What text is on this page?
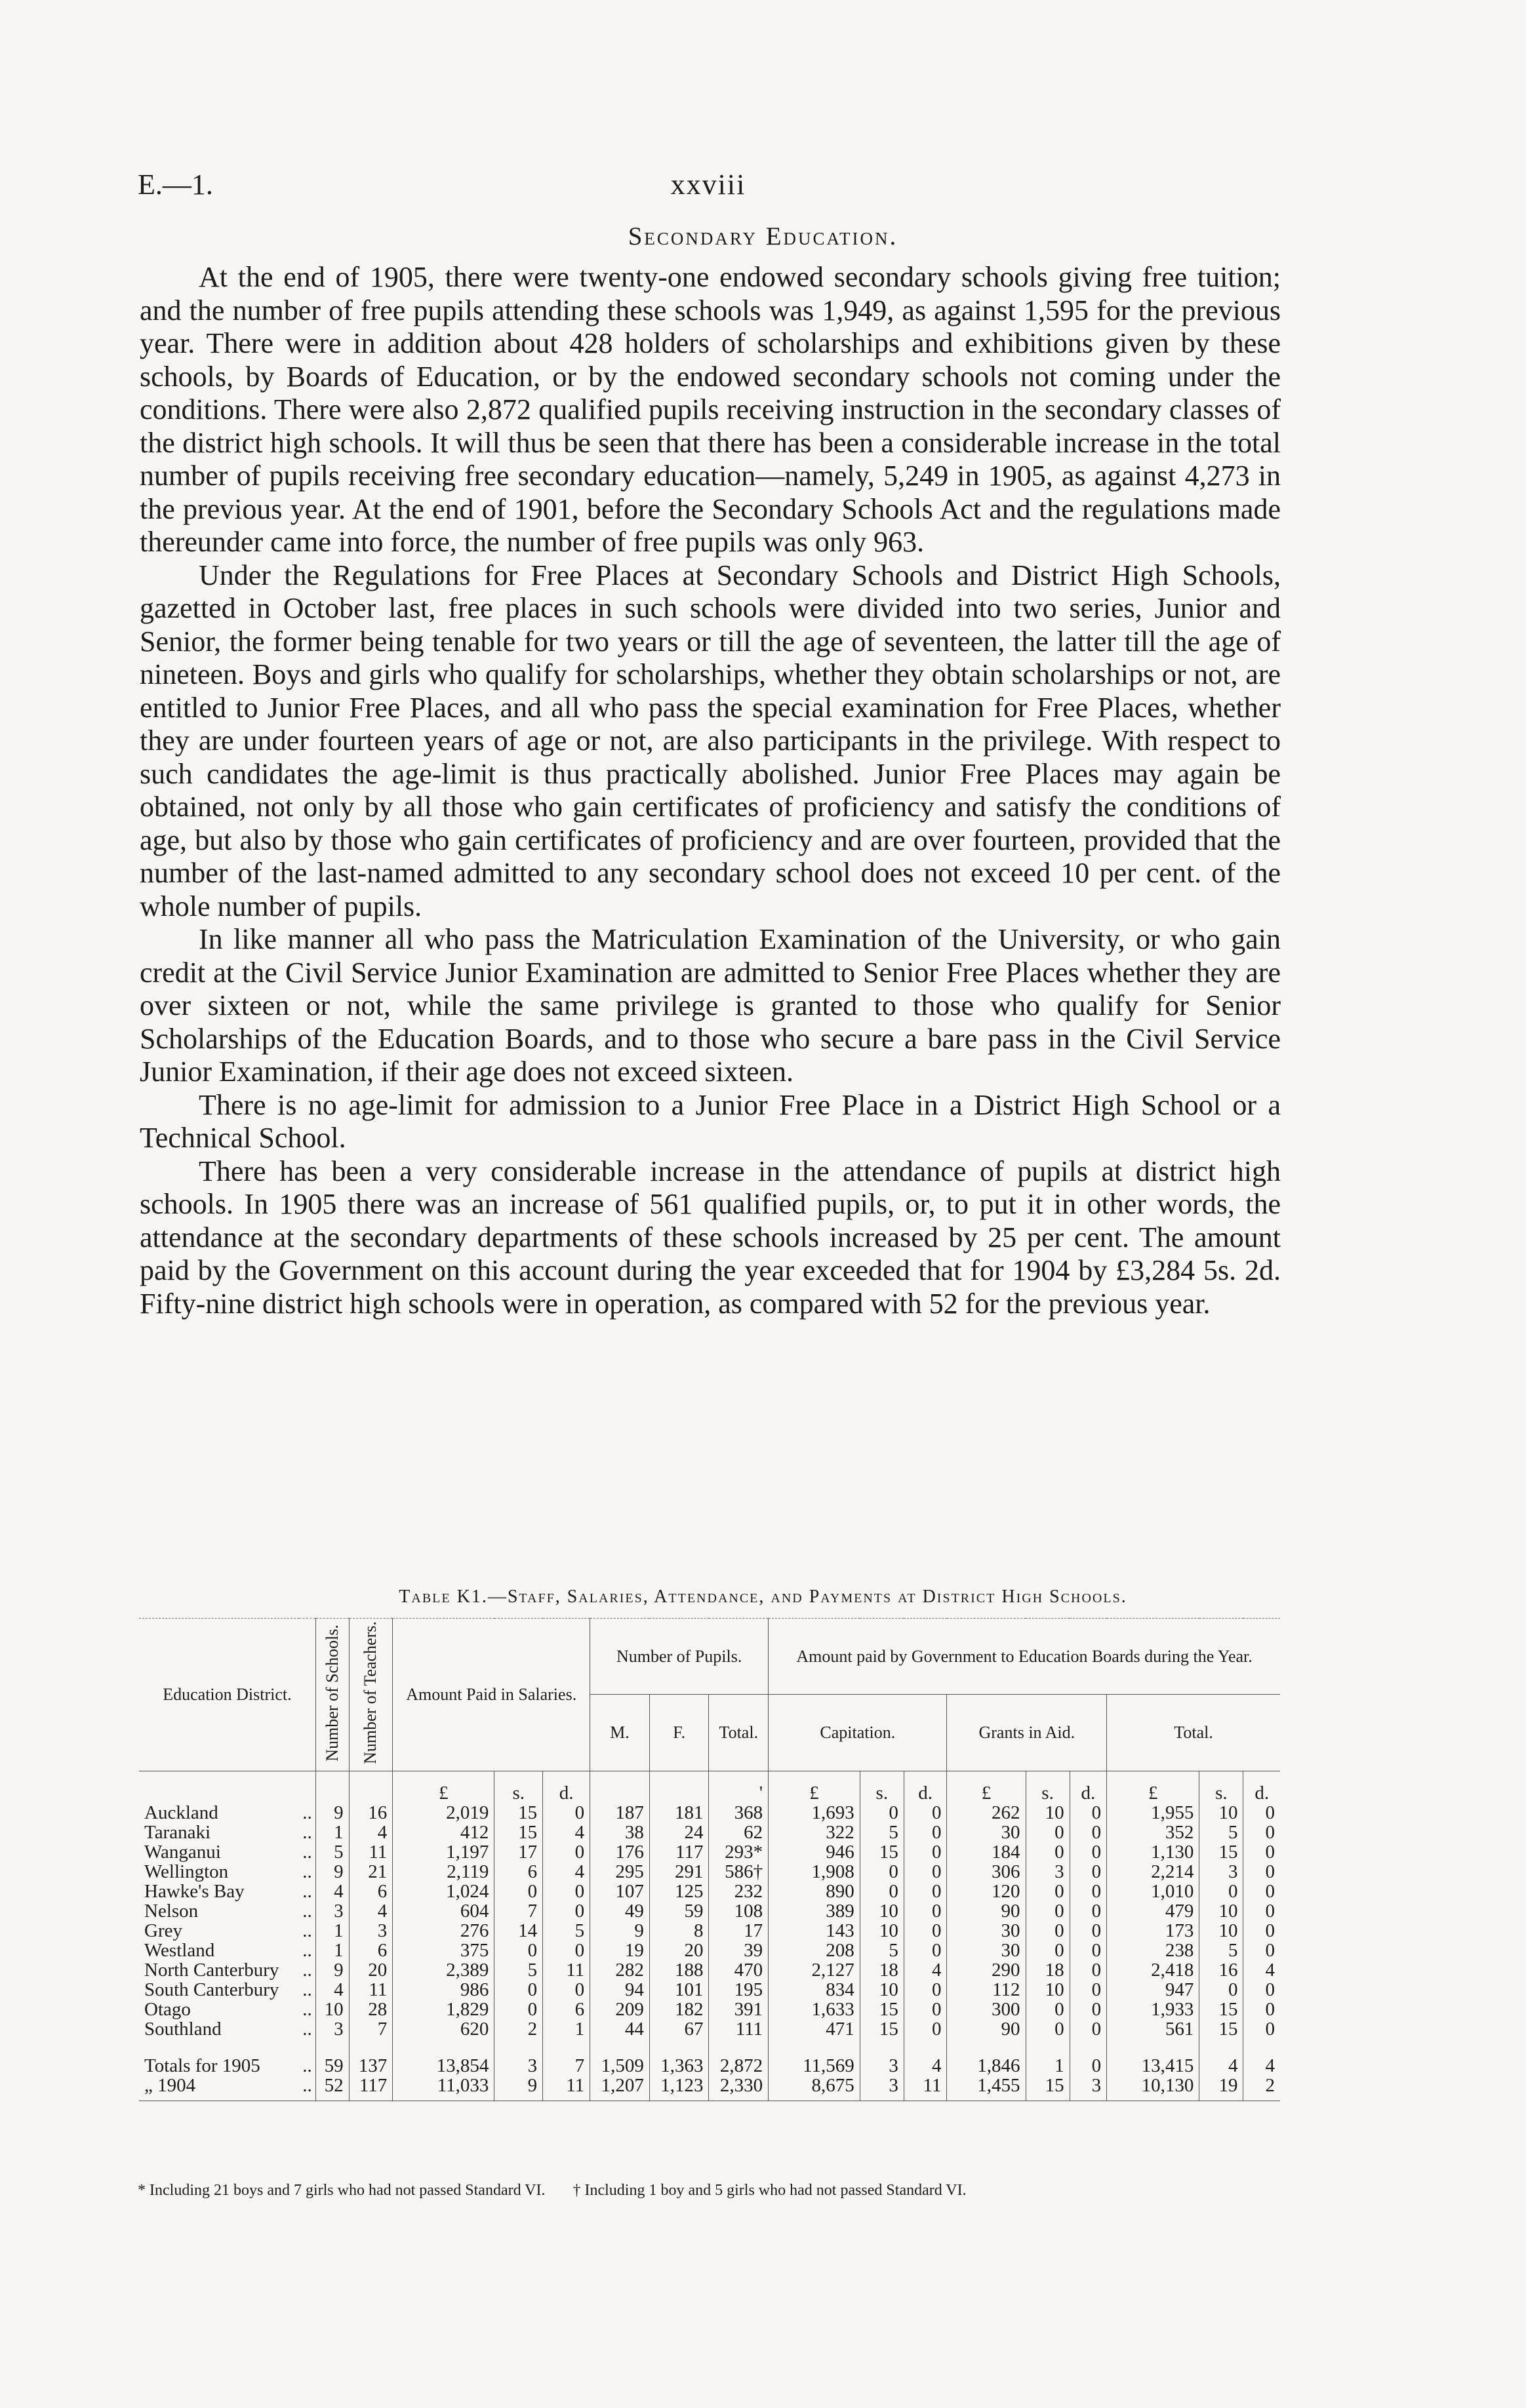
E.—1.	xxviii
Secondary Education.

At the end of 1905, there were twenty-one endowed secondary schools giving free tuition; and the number of free pupils attending these schools was 1,949, as against 1,595 for the previous year. There were in addition about 428 holders of scholarships and exhibitions given by these schools, by Boards of Education, or by the endowed secondary schools not coming under the conditions. There were also 2,872 qualified pupils receiving instruction in the secondary classes of the district high schools. It will thus be seen that there has been a considerable increase in the total number of pupils receiving free secondary education—namely, 5,249 in 1905, as against 4,273 in the previous year. At the end of 1901, before the Secondary Schools Act and the regulations made thereunder came into force, the number of free pupils was only 963.

Under the Regulations for Free Places at Secondary Schools and District High Schools, gazetted in October last, free places in such schools were divided into two series, Junior and Senior, the former being tenable for two years or till the age of seventeen, the latter till the age of nineteen. Boys and girls who qualify for scholarships, whether they obtain scholarships or not, are entitled to Junior Free Places, and all who pass the special examination for Free Places, whether they are under fourteen years of age or not, are also participants in the privilege. With respect to such candidates the age-limit is thus practically abolished. Junior Free Places may again be obtained, not only by all those who gain certificates of proficiency and satisfy the conditions of age, but also by those who gain certificates of proficiency and are over fourteen, provided that the number of the last-named admitted to any secondary school does not exceed 10 per cent. of the whole number of pupils.

In like manner all who pass the Matriculation Examination of the University, or who gain credit at the Civil Service Junior Examination are admitted to Senior Free Places whether they are over sixteen or not, while the same privilege is granted to those who qualify for Senior Scholarships of the Education Boards, and to those who secure a bare pass in the Civil Service Junior Examination, if their age does not exceed sixteen.

There is no age-limit for admission to a Junior Free Place in a District High School or a Technical School.

There has been a very considerable increase in the attendance of pupils at district high schools. In 1905 there was an increase of 561 qualified pupils, or, to put it in other words, the attendance at the secondary departments of these schools increased by 25 per cent. The amount paid by the Government on this account during the year exceeded that for 1904 by £3,284 5s. 2d. Fifty-nine district high schools were in operation, as compared with 52 for the previous year.

Table K1.—Staff, Salaries, Attendance, and Payments at District High Schools.
Education District.		Number of Schools.	Number of Teachers.	Amount Paid in Salaries.			Number of Pupils.			Amount paid by Government to Education Boards during the Year.								
							M.	F.	Total.	Capitation.			Grants in Aid.			Total.		
				£	s.	d.			'	£	s.	d.	£	s.	d.	£	s.	d.
Auckland	..	9	16	2,019	15	0	187	181	368	1,693	0	0	262	10	0	1,955	10	0
Taranaki	..	1	4	412	15	4	38	24	62	322	5	0	30	0	0	352	5	0
Wanganui	..	5	11	1,197	17	0	176	117	293*	946	15	0	184	0	0	1,130	15	0
Wellington	..	9	21	2,119	6	4	295	291	586†	1,908	0	0	306	3	0	2,214	3	0
Hawke's Bay	..	4	6	1,024	0	0	107	125	232	890	0	0	120	0	0	1,010	0	0
Nelson	..	3	4	604	7	0	49	59	108	389	10	0	90	0	0	479	10	0
Grey	..	1	3	276	14	5	9	8	17	143	10	0	30	0	0	173	10	0
Westland	..	1	6	375	0	0	19	20	39	208	5	0	30	0	0	238	5	0
North Canterbury	..	9	20	2,389	5	11	282	188	470	2,127	18	4	290	18	0	2,418	16	4
South Canterbury	..	4	11	986	0	0	94	101	195	834	10	0	112	10	0	947	0	0
Otago	..	10	28	1,829	0	6	209	182	391	1,633	15	0	300	0	0	1,933	15	0
Southland	..	3	7	620	2	1	44	67	111	471	15	0	90	0	0	561	15	0

Totals for 1905	..	59	137	13,854	3	7	1,509	1,363	2,872	11,569	3	4	1,846	1	0	13,415	4	4
„ 1904	..	52	117	11,033	9	11	1,207	1,123	2,330	8,675	3	11	1,455	15	3	10,130	19	2
* Including 21 boys and 7 girls who had not passed Standard VI. † Including 1 boy and 5 girls who had not passed Standard VI.
